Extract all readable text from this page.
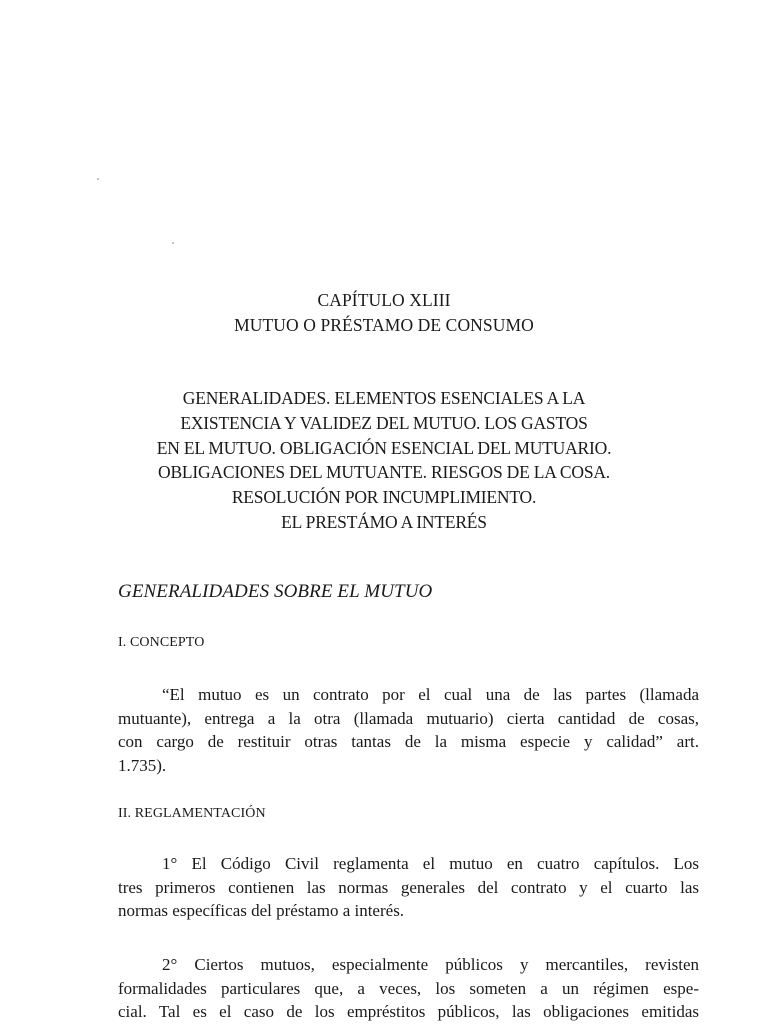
CAPÍTULO XLIII
MUTUO O PRÉSTAMO DE CONSUMO
GENERALIDADES. ELEMENTOS ESENCIALES A LA
EXISTENCIA Y VALIDEZ DEL MUTUO. LOS GASTOS
EN EL MUTUO. OBLIGACIÓN ESENCIAL DEL MUTUARIO.
OBLIGACIONES DEL MUTUANTE. RIESGOS DE LA COSA.
RESOLUCIÓN POR INCUMPLIMIENTO.
EL PRESTÁMO A INTERÉS
GENERALIDADES SOBRE EL MUTUO
I. CONCEPTO
“El mutuo es un contrato por el cual una de las partes (llamada
mutuante), entrega a la otra (llamada mutuario) cierta cantidad de cosas,
con cargo de restituir otras tantas de la misma especie y calidad” art.
1.735).
II. REGLAMENTACIÓN
1° El Código Civil reglamenta el mutuo en cuatro capítulos. Los
tres primeros contienen las normas generales del contrato y el cuarto las
normas específicas del préstamo a interés.
2° Ciertos mutuos, especialmente públicos y mercantiles, revisten
formalidades particulares que, a veces, los someten a un régimen espe-
cial. Tal es el caso de los empréstitos públicos, las obligaciones emitidas
